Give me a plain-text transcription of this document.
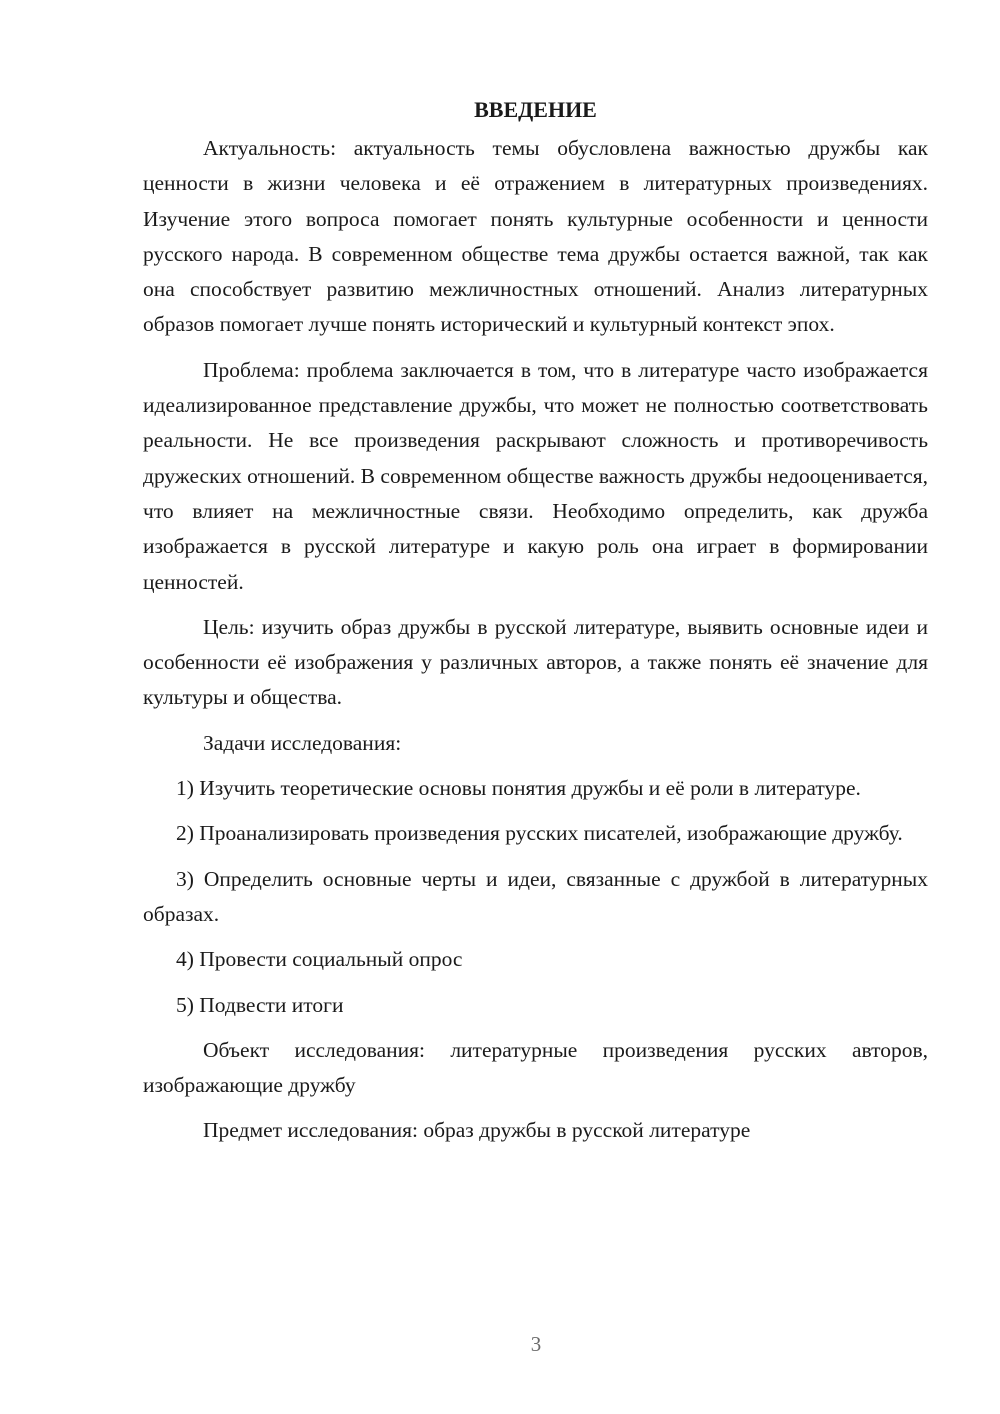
ВВЕДЕНИЕ

Актуальность: актуальность темы обусловлена важностью дружбы как ценности в жизни человека и её отражением в литературных произведениях. Изучение этого вопроса помогает понять культурные особенности и ценности русского народа. В современном обществе тема дружбы остается важной, так как она способствует развитию межличностных отношений. Анализ литературных образов помогает лучше понять исторический и культурный контекст эпох.

Проблема: проблема заключается в том, что в литературе часто изображается идеализированное представление дружбы, что может не полностью соответствовать реальности. Не все произведения раскрывают сложность и противоречивость дружеских отношений. В современном обществе важность дружбы недооценивается, что влияет на межличностные связи. Необходимо определить, как дружба изображается в русской литературе и какую роль она играет в формировании ценностей.

Цель: изучить образ дружбы в русской литературе, выявить основные идеи и особенности её изображения у различных авторов, а также понять её значение для культуры и общества.

Задачи исследования:

1) Изучить теоретические основы понятия дружбы и её роли в литературе.

2) Проанализировать произведения русских писателей, изображающие дружбу.

3) Определить основные черты и идеи, связанные с дружбой в литературных образах.

4) Провести социальный опрос

5) Подвести итоги

Объект исследования: литературные произведения русских авторов, изображающие дружбу

Предмет исследования: образ дружбы в русской литературе

3
